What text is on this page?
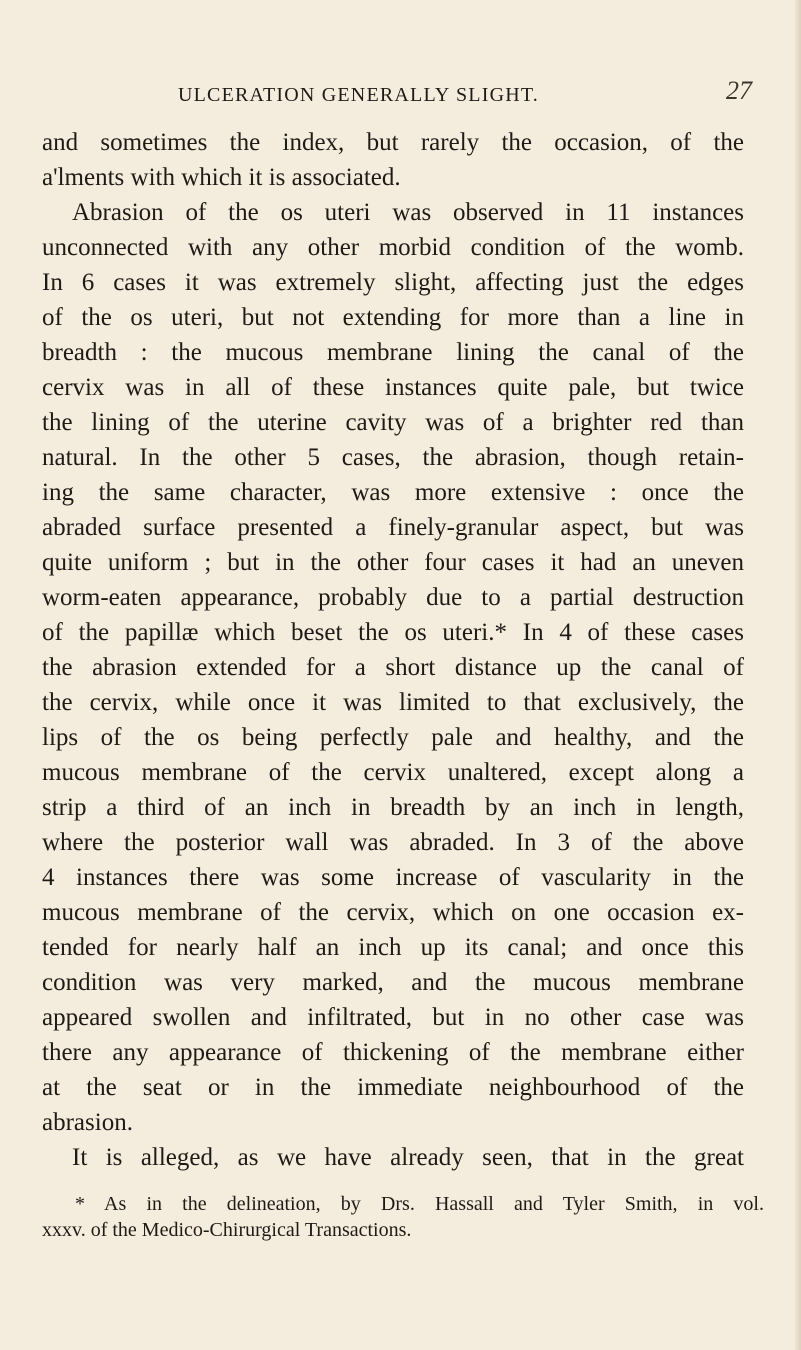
ULCERATION GENERALLY SLIGHT.	27
and sometimes the index, but rarely the occasion, of the
a'lments with which it is associated.
Abrasion of the os uteri was observed in 11 instances
unconnected with any other morbid condition of the womb.
In 6 cases it was extremely slight, affecting just the edges
of the os uteri, but not extending for more than a line in
breadth : the mucous membrane lining the canal of the
cervix was in all of these instances quite pale, but twice
the lining of the uterine cavity was of a brighter red than
natural. In the other 5 cases, the abrasion, though retain-
ing the same character, was more extensive : once the
abraded surface presented a finely-granular aspect, but was
quite uniform ; but in the other four cases it had an uneven
worm-eaten appearance, probably due to a partial destruction
of the papillæ which beset the os uteri.* In 4 of these cases
the abrasion extended for a short distance up the canal of
the cervix, while once it was limited to that exclusively, the
lips of the os being perfectly pale and healthy, and the
mucous membrane of the cervix unaltered, except along a
strip a third of an inch in breadth by an inch in length,
where the posterior wall was abraded. In 3 of the above
4 instances there was some increase of vascularity in the
mucous membrane of the cervix, which on one occasion ex-
tended for nearly half an inch up its canal; and once this
condition was very marked, and the mucous membrane
appeared swollen and infiltrated, but in no other case was
there any appearance of thickening of the membrane either
at the seat or in the immediate neighbourhood of the
abrasion.
It is alleged, as we have already seen, that in the great
* As in the delineation, by Drs. Hassall and Tyler Smith, in vol.
xxxv. of the Medico-Chirurgical Transactions.
